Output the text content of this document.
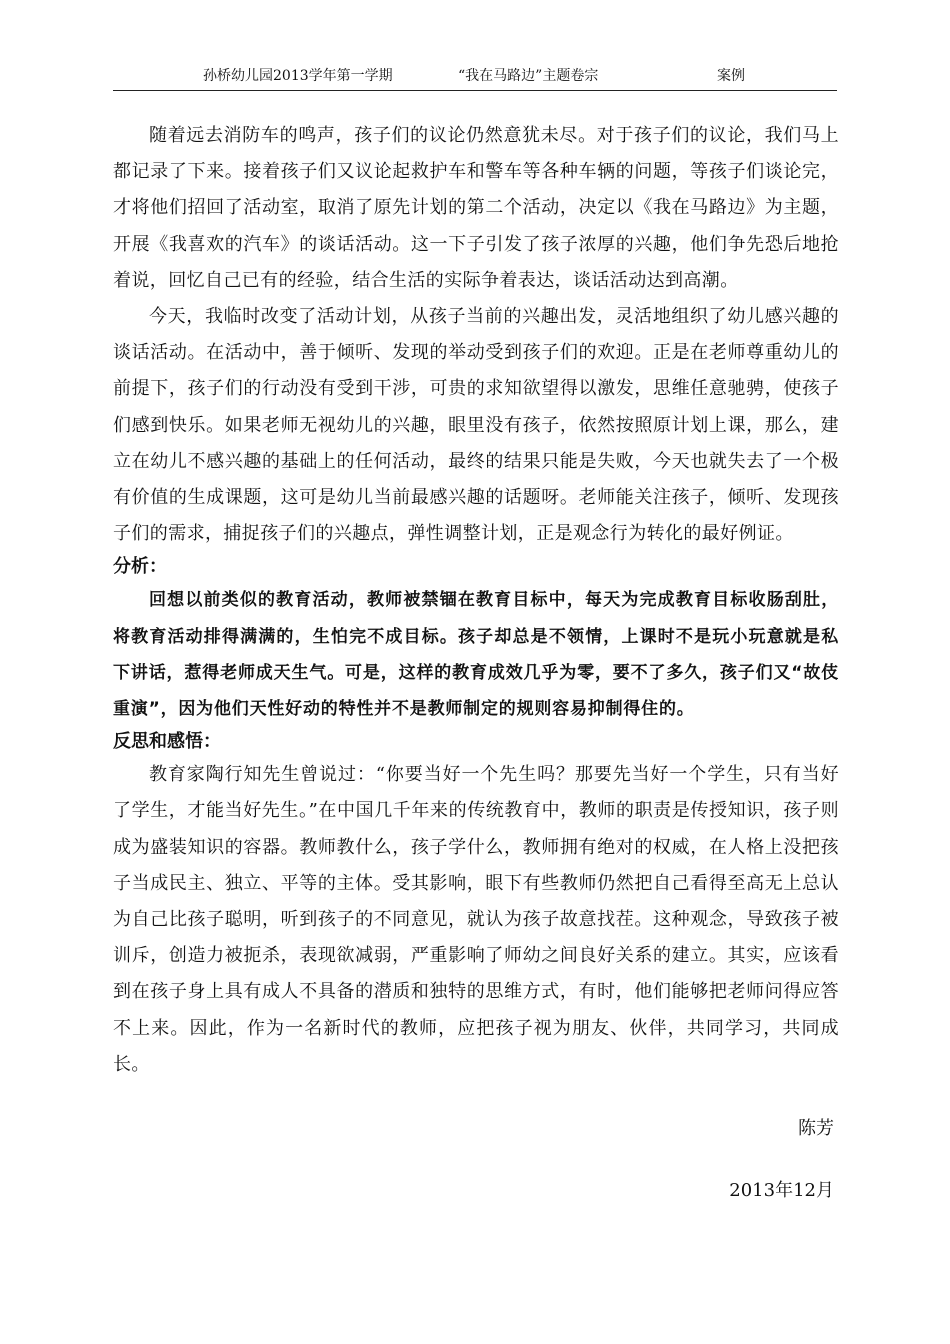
孙桥幼儿园2013学年第一学期	“我在马路边”主题卷宗	案例

随着远去消防车的鸣声，孩子们的议论仍然意犹未尽。对于孩子们的议论，我们马上都记录了下来。接着孩子们又议论起救护车和警车等各种车辆的问题，等孩子们谈论完，才将他们招回了活动室，取消了原先计划的第二个活动，决定以《我在马路边》为主题，开展《我喜欢的汽车》的谈话活动。这一下子引发了孩子浓厚的兴趣，他们争先恐后地抢着说，回忆自己已有的经验，结合生活的实际争着表达，谈话活动达到高潮。

今天，我临时改变了活动计划，从孩子当前的兴趣出发，灵活地组织了幼儿感兴趣的谈话活动。在活动中，善于倾听、发现的举动受到孩子们的欢迎。正是在老师尊重幼儿的前提下，孩子们的行动没有受到干涉，可贵的求知欲望得以激发，思维任意驰骋，使孩子们感到快乐。如果老师无视幼儿的兴趣，眼里没有孩子，依然按照原计划上课，那么，建立在幼儿不感兴趣的基础上的任何活动，最终的结果只能是失败，今天也就失去了一个极有价值的生成课题，这可是幼儿当前最感兴趣的话题呀。老师能关注孩子，倾听、发现孩子们的需求，捕捉孩子们的兴趣点，弹性调整计划，正是观念行为转化的最好例证。

分析：

回想以前类似的教育活动，教师被禁锢在教育目标中，每天为完成教育目标收肠刮肚，将教育活动排得满满的，生怕完不成目标。孩子却总是不领情，上课时不是玩小玩意就是私下讲话，惹得老师成天生气。可是，这样的教育成效几乎为零，要不了多久，孩子们又“故伎重演”，因为他们天性好动的特性并不是教师制定的规则容易抑制得住的。

反思和感悟：

教育家陶行知先生曾说过：“你要当好一个先生吗？那要先当好一个学生，只有当好了学生，才能当好先生。”在中国几千年来的传统教育中，教师的职责是传授知识，孩子则成为盛装知识的容器。教师教什么，孩子学什么，教师拥有绝对的权威，在人格上没把孩子当成民主、独立、平等的主体。受其影响，眼下有些教师仍然把自己看得至高无上总认为自己比孩子聪明，听到孩子的不同意见，就认为孩子故意找茬。这种观念，导致孩子被训斥，创造力被扼杀，表现欲减弱，严重影响了师幼之间良好关系的建立。其实，应该看到在孩子身上具有成人不具备的潜质和独特的思维方式，有时，他们能够把老师问得应答不上来。因此，作为一名新时代的教师，应把孩子视为朋友、伙伴，共同学习，共同成长。

陈芳
2013年12月
